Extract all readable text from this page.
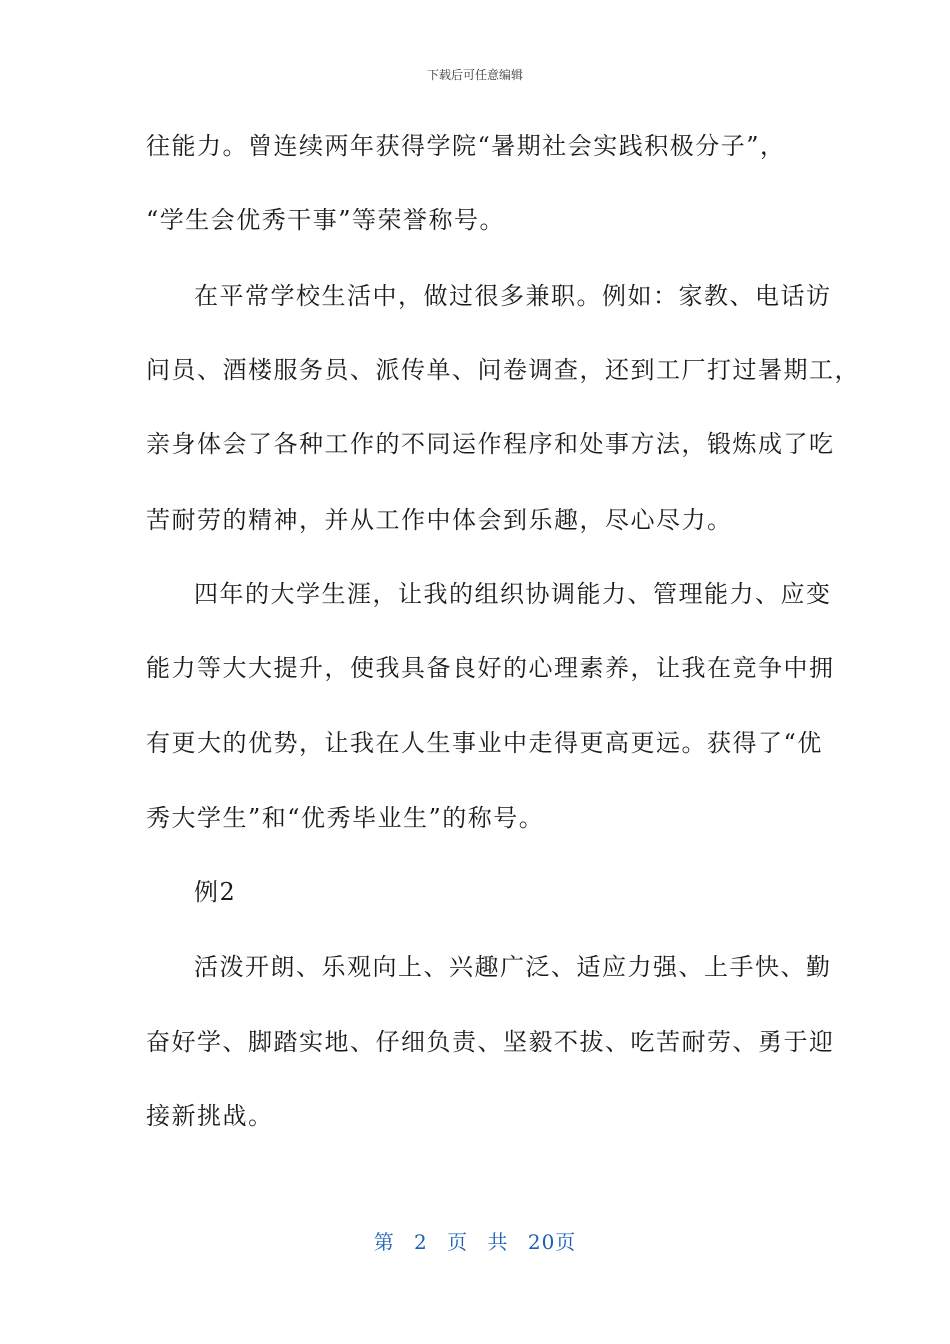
下载后可任意编辑
往能力。曾连续两年获得学院“暑期社会实践积极分子”，
“学生会优秀干事”等荣誉称号。
在平常学校生活中，做过很多兼职。例如：家教、电话访
问员、酒楼服务员、派传单、问卷调查，还到工厂打过暑期工，
亲身体会了各种工作的不同运作程序和处事方法，锻炼成了吃
苦耐劳的精神，并从工作中体会到乐趣，尽心尽力。
四年的大学生涯，让我的组织协调能力、管理能力、应变
能力等大大提升，使我具备良好的心理素养，让我在竞争中拥
有更大的优势，让我在人生事业中走得更高更远。获得了“优
秀大学生”和“优秀毕业生”的称号。
例2
活泼开朗、乐观向上、兴趣广泛、适应力强、上手快、勤
奋好学、脚踏实地、仔细负责、坚毅不拔、吃苦耐劳、勇于迎
接新挑战。
第 2 页 共 20页
